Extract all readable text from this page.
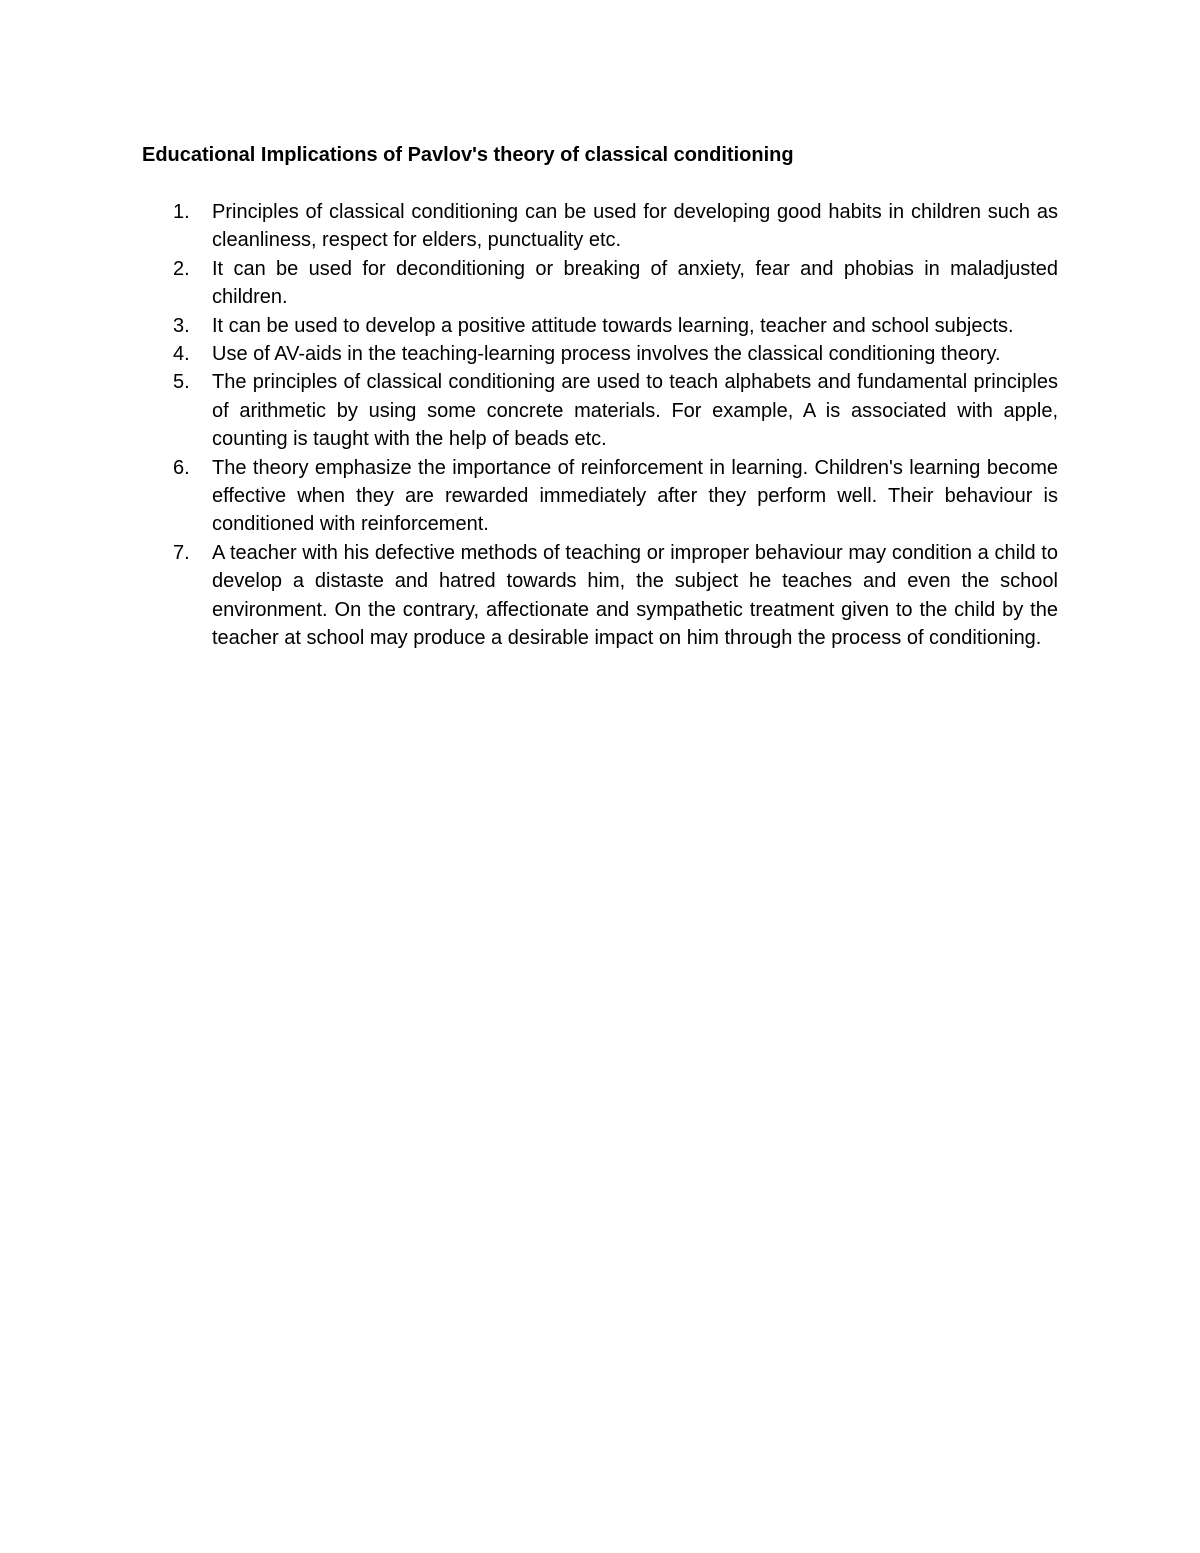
Educational Implications of Pavlov's theory of classical conditioning
1.	Principles of classical conditioning can be used for developing good habits in children such as cleanliness, respect for elders, punctuality etc.
2.	It can be used for deconditioning or breaking of anxiety, fear and phobias in maladjusted children.
3.	It can be used to develop a positive attitude towards learning, teacher and school subjects.
4.	Use of AV-aids in the teaching-learning process involves the classical conditioning theory.
5.	The principles of classical conditioning are used to teach alphabets and fundamental principles of arithmetic by using some concrete materials. For example, A is associated with apple, counting is taught with the help of beads etc.
6.	The theory emphasize the importance of reinforcement in learning. Children's learning become effective when they are rewarded immediately after they perform well. Their behaviour is conditioned with reinforcement.
7.	A teacher with his defective methods of teaching or improper behaviour may condition a child to develop a distaste and hatred towards him, the subject he teaches and even the school environment. On the contrary, affectionate and sympathetic treatment given to the child by the teacher at school may produce a desirable impact on him through the process of conditioning.
